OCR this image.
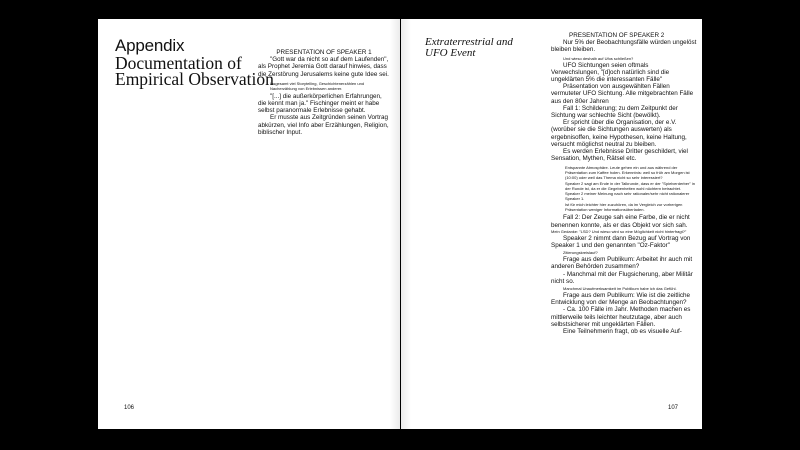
Appendix
Documentation of Empirical Observation

PRESENTATION OF SPEAKER 1

"Gott war da nicht so auf dem Laufenden", als Prophet Jeremia Gott darauf hinwies, dass die Zerstörung Jerusalems keine gute Idee sei.

Insgesamt viel Storytelling, Geschichtenerzählen und Nacherzählung von Erlebnissen anderer.

"[...] die außerkörperlichen Erfahrungen, die kennt man ja." Fischinger meint er habe selbst paranormale Erlebnisse gehabt.

Er musste aus Zeitgründen seinen Vortrag abkürzen, viel Info aber Erzählungen, Religion, biblischer Input.

106
Extraterrestrial and UFO Event

PRESENTATION OF SPEAKER 2

Nur 5% der Beobachtungsfälle würden ungelöst bleiben bleiben.

Und wieso deshalb auf Ufos schließen?

UFO Sichtungen seien oftmals Verwechslungen, "[d]och natürlich sind die ungeklärten 5% die interessanten Fälle"

Präsentation von ausgewählten Fällen vermuteter UFO Sichtung. Alle mitgebrachten Fälle aus den 80er Jahren

Fall 1: Schilderung; zu dem Zeitpunkt der Sichtung war schlechte Sicht (bewölkt).

Er spricht über die Organisation, der e.V. (worüber sie die Sichtungen auswerten) als ergebnisoffen, keine Hypothesen, keine Haltung, versucht möglichst neutral zu bleiben.

Es werden Erlebnisse Dritter geschildert, viel Sensation, Mythen, Rätsel etc.

Entspannte Atmosphäre. Leute gehen ein und aus während der Präsentation zum Kaffee holen. Erkenntnis: weil so früh am Morgen ist (10:00) oder weil das Thema nicht so sehr interessiert?

Speaker 2 sagt am Ende in der Talkrunde, dass er der "Spielverderber" in der Runde ist, da er die Gegebenheiten wohl nüchtern betrachtet. Speaker 2 meiner Meinung nach sehr rationaler/sehr nicht rationalerer Speaker 1.

Ist für mich leichter hier zuzuhören, da im Vergleich zur vorherigen Präsentation weniger Informationsüberladen.

Fall 2: Der Zeuge sah eine Farbe, die er nicht benennen konnte, als er das Objekt vor sich sah.

Mein Gedanke: "LSD? Und wieso wird so eine Möglichkeit nicht hinterfragt?"

Speaker 2 nimmt dann Bezug auf Vortrag von Speaker 1 und den genannten "Oz-Faktor"

Zitierungskreislauf?

Frage aus dem Publikum: Arbeitet ihr auch mit anderen Behörden zusammen?

- Manchmal mit der Flugsicherung, aber Militär nicht so.

Manchmal Unaufmerksamkeit im Publikum habe ich das Gefühl.

Frage aus dem Publikum: Wie ist die zeitliche Entwicklung von der Menge an Beobachtungen?

- Ca. 100 Fälle im Jahr. Methoden machen es mittlerweile teils leichter heutzutage, aber auch selbstsicherer mit ungeklärten Fällen.

Eine Teilnehmerin fragt, ob es visuelle Auf-

107
